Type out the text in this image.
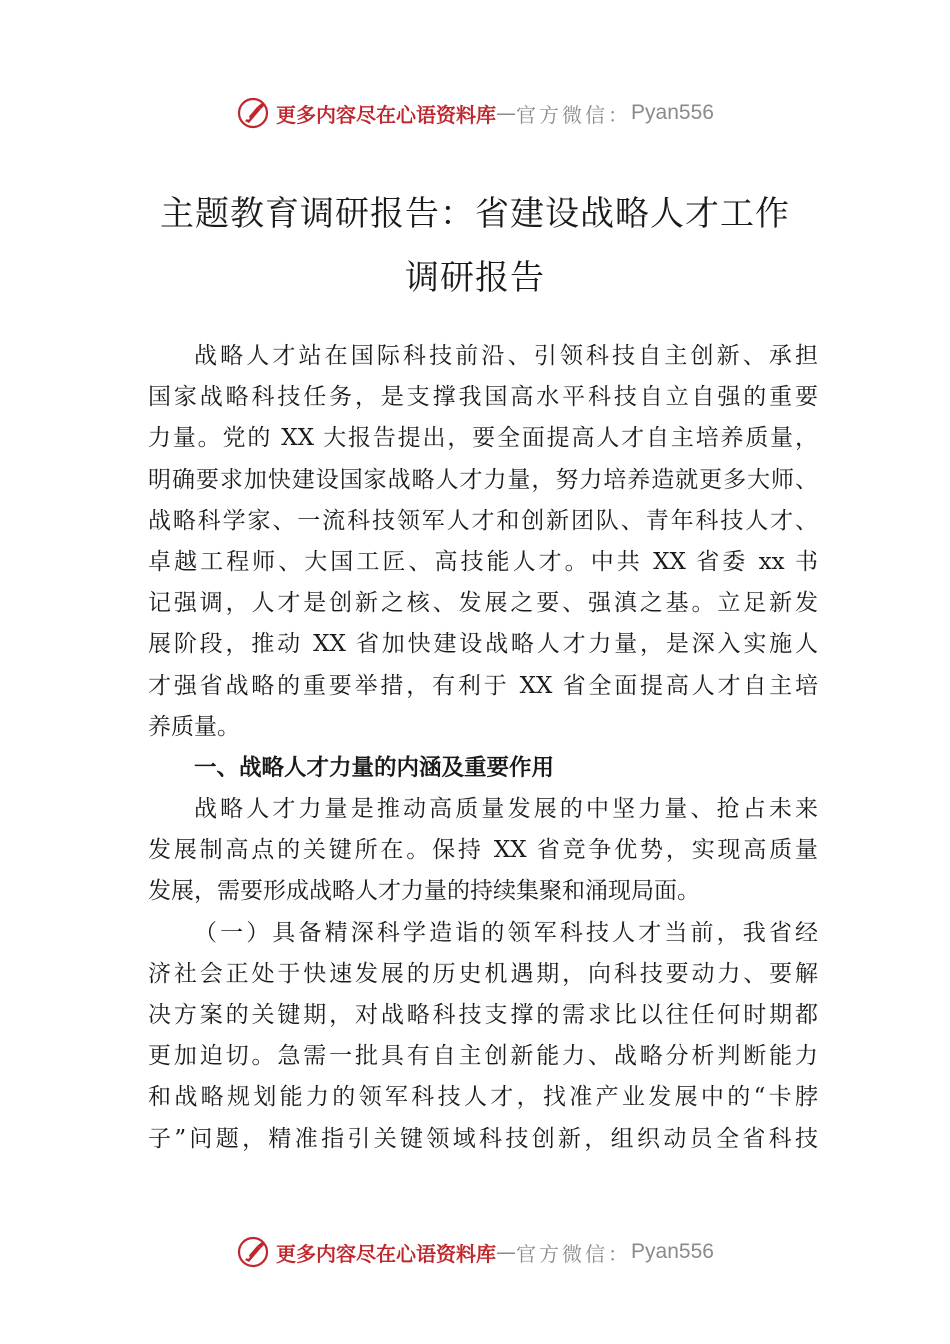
更多内容尽在心语资料库 — 官方微信： Pyan556
主题教育调研报告：省建设战略人才工作
调研报告
战略人才站在国际科技前沿、引领科技自主创新、承担
国家战略科技任务，是支撑我国高水平科技自立自强的重要
力量。党的 XX 大报告提出，要全面提高人才自主培养质量，
明确要求加快建设国家战略人才力量，努力培养造就更多大师、
战略科学家、一流科技领军人才和创新团队、青年科技人才、
卓越工程师、大国工匠、高技能人才。中共 XX 省委 xx 书
记强调，人才是创新之核、发展之要、强滇之基。立足新发
展阶段，推动 XX 省加快建设战略人才力量，是深入实施人
才强省战略的重要举措，有利于 XX 省全面提高人才自主培
养质量。
一、战略人才力量的内涵及重要作用
战略人才力量是推动高质量发展的中坚力量、抢占未来
发展制高点的关键所在。保持 XX 省竞争优势，实现高质量
发展，需要形成战略人才力量的持续集聚和涌现局面。
（一）具备精深科学造诣的领军科技人才当前，我省经
济社会正处于快速发展的历史机遇期，向科技要动力、要解
决方案的关键期，对战略科技支撑的需求比以往任何时期都
更加迫切。急需一批具有自主创新能力、战略分析判断能力
和战略规划能力的领军科技人才，找准产业发展中的“卡脖
子”问题，精准指引关键领域科技创新，组织动员全省科技
更多内容尽在心语资料库 — 官方微信： Pyan556
